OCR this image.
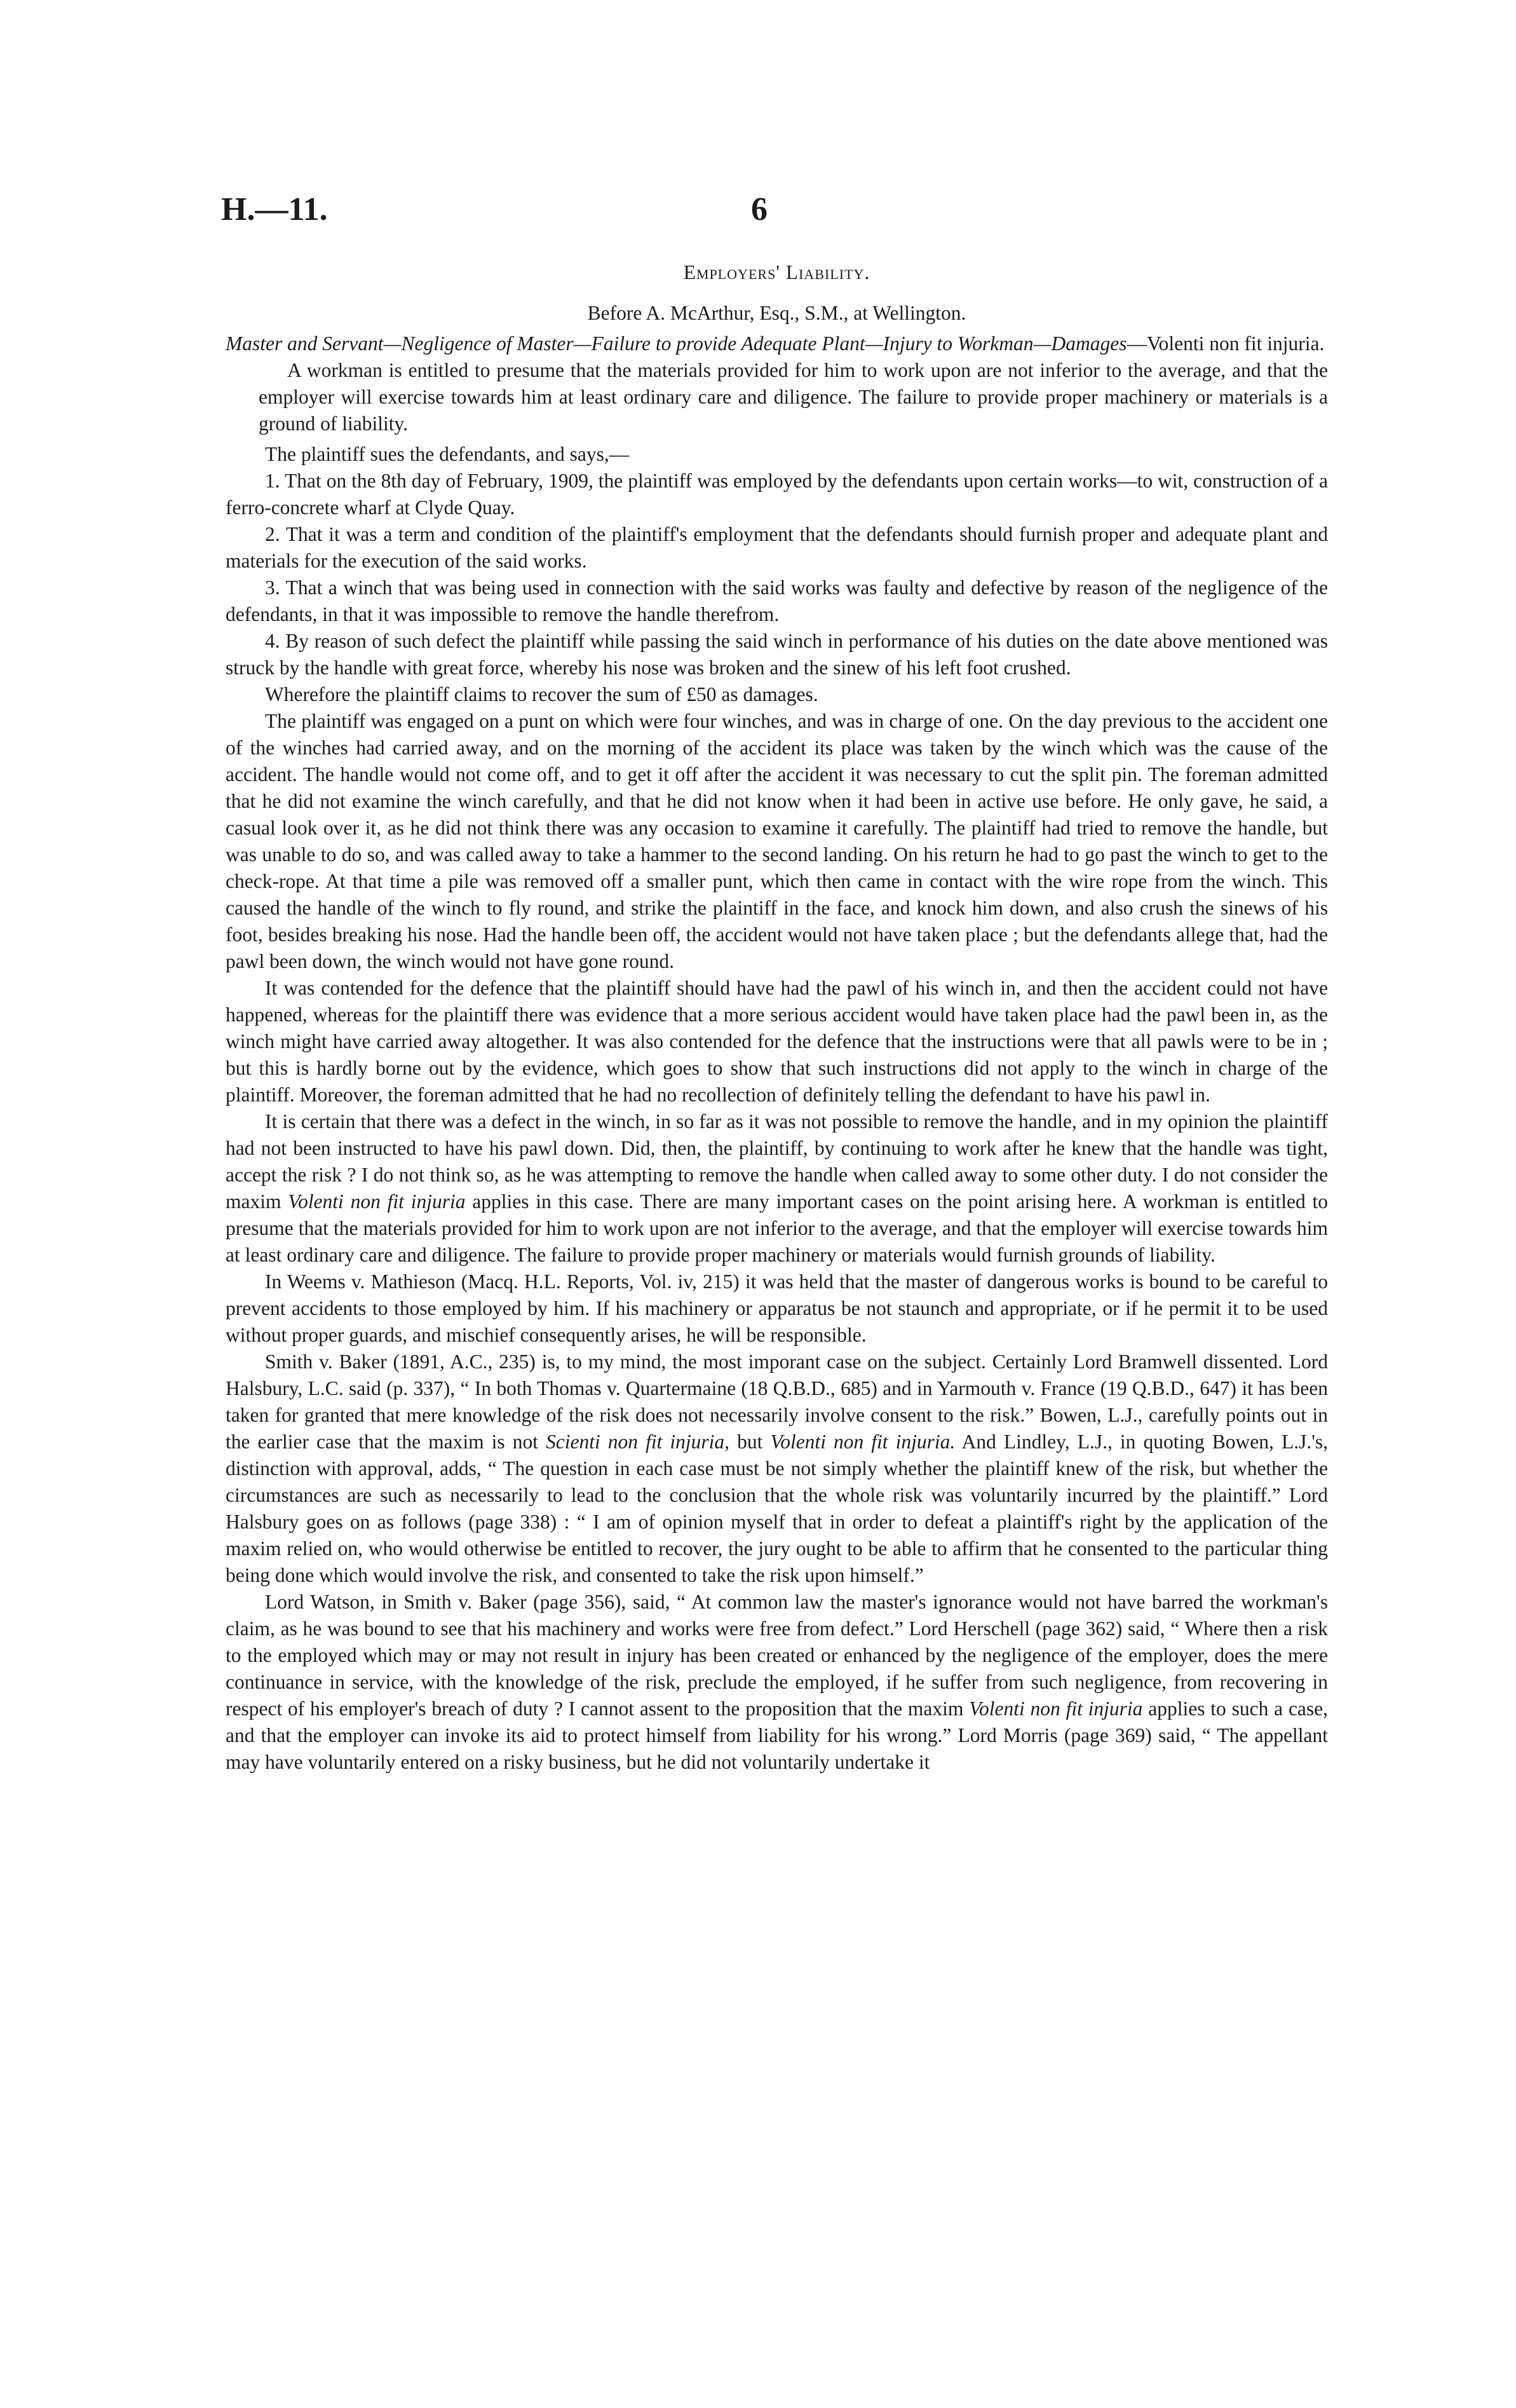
H.—11.	6

Employers' Liability.

Before A. McArthur, Esq., S.M., at Wellington.

Master and Servant—Negligence of Master—Failure to provide Adequate Plant—Injury to Workman—Damages—Volenti non fit injuria.

A workman is entitled to presume that the materials provided for him to work upon are not inferior to the average, and that the employer will exercise towards him at least ordinary care and diligence. The failure to provide proper machinery or materials is a ground of liability.

The plaintiff sues the defendants, and says,—

1. That on the 8th day of February, 1909, the plaintiff was employed by the defendants upon certain works—to wit, construction of a ferro-concrete wharf at Clyde Quay.

2. That it was a term and condition of the plaintiff's employment that the defendants should furnish proper and adequate plant and materials for the execution of the said works.

3. That a winch that was being used in connection with the said works was faulty and defective by reason of the negligence of the defendants, in that it was impossible to remove the handle therefrom.

4. By reason of such defect the plaintiff while passing the said winch in performance of his duties on the date above mentioned was struck by the handle with great force, whereby his nose was broken and the sinew of his left foot crushed.

Wherefore the plaintiff claims to recover the sum of £50 as damages.

The plaintiff was engaged on a punt on which were four winches, and was in charge of one. On the day previous to the accident one of the winches had carried away, and on the morning of the accident its place was taken by the winch which was the cause of the accident. The handle would not come off, and to get it off after the accident it was necessary to cut the split pin. The foreman admitted that he did not examine the winch carefully, and that he did not know when it had been in active use before. He only gave, he said, a casual look over it, as he did not think there was any occasion to examine it carefully. The plaintiff had tried to remove the handle, but was unable to do so, and was called away to take a hammer to the second landing. On his return he had to go past the winch to get to the check-rope. At that time a pile was removed off a smaller punt, which then came in contact with the wire rope from the winch. This caused the handle of the winch to fly round, and strike the plaintiff in the face, and knock him down, and also crush the sinews of his foot, besides breaking his nose. Had the handle been off, the accident would not have taken place ; but the defendants allege that, had the pawl been down, the winch would not have gone round.

It was contended for the defence that the plaintiff should have had the pawl of his winch in, and then the accident could not have happened, whereas for the plaintiff there was evidence that a more serious accident would have taken place had the pawl been in, as the winch might have carried away altogether. It was also contended for the defence that the instructions were that all pawls were to be in ; but this is hardly borne out by the evidence, which goes to show that such instructions did not apply to the winch in charge of the plaintiff. Moreover, the foreman admitted that he had no recollection of definitely telling the defendant to have his pawl in.

It is certain that there was a defect in the winch, in so far as it was not possible to remove the handle, and in my opinion the plaintiff had not been instructed to have his pawl down. Did, then, the plaintiff, by continuing to work after he knew that the handle was tight, accept the risk ? I do not think so, as he was attempting to remove the handle when called away to some other duty. I do not consider the maxim Volenti non fit injuria applies in this case. There are many important cases on the point arising here. A workman is entitled to presume that the materials provided for him to work upon are not inferior to the average, and that the employer will exercise towards him at least ordinary care and diligence. The failure to provide proper machinery or materials would furnish grounds of liability.

In Weems v. Mathieson (Macq. H.L. Reports, Vol. iv, 215) it was held that the master of dangerous works is bound to be careful to prevent accidents to those employed by him. If his machinery or apparatus be not staunch and appropriate, or if he permit it to be used without proper guards, and mischief consequently arises, he will be responsible.

Smith v. Baker (1891, A.C., 235) is, to my mind, the most imporant case on the subject. Certainly Lord Bramwell dissented. Lord Halsbury, L.C. said (p. 337), “ In both Thomas v. Quartermaine (18 Q.B.D., 685) and in Yarmouth v. France (19 Q.B.D., 647) it has been taken for granted that mere knowledge of the risk does not necessarily involve consent to the risk.” Bowen, L.J., carefully points out in the earlier case that the maxim is not Scienti non fit injuria, but Volenti non fit injuria. And Lindley, L.J., in quoting Bowen, L.J.'s, distinction with approval, adds, “ The question in each case must be not simply whether the plaintiff knew of the risk, but whether the circumstances are such as necessarily to lead to the conclusion that the whole risk was voluntarily incurred by the plaintiff.” Lord Halsbury goes on as follows (page 338) : “ I am of opinion myself that in order to defeat a plaintiff's right by the application of the maxim relied on, who would otherwise be entitled to recover, the jury ought to be able to affirm that he consented to the particular thing being done which would involve the risk, and consented to take the risk upon himself.”

Lord Watson, in Smith v. Baker (page 356), said, “ At common law the master's ignorance would not have barred the workman's claim, as he was bound to see that his machinery and works were free from defect.” Lord Herschell (page 362) said, “ Where then a risk to the employed which may or may not result in injury has been created or enhanced by the negligence of the employer, does the mere continuance in service, with the knowledge of the risk, preclude the employed, if he suffer from such negligence, from recovering in respect of his employer's breach of duty ? I cannot assent to the proposition that the maxim Volenti non fit injuria applies to such a case, and that the employer can invoke its aid to protect himself from liability for his wrong.” Lord Morris (page 369) said, “ The appellant may have voluntarily entered on a risky business, but he did not voluntarily undertake it
